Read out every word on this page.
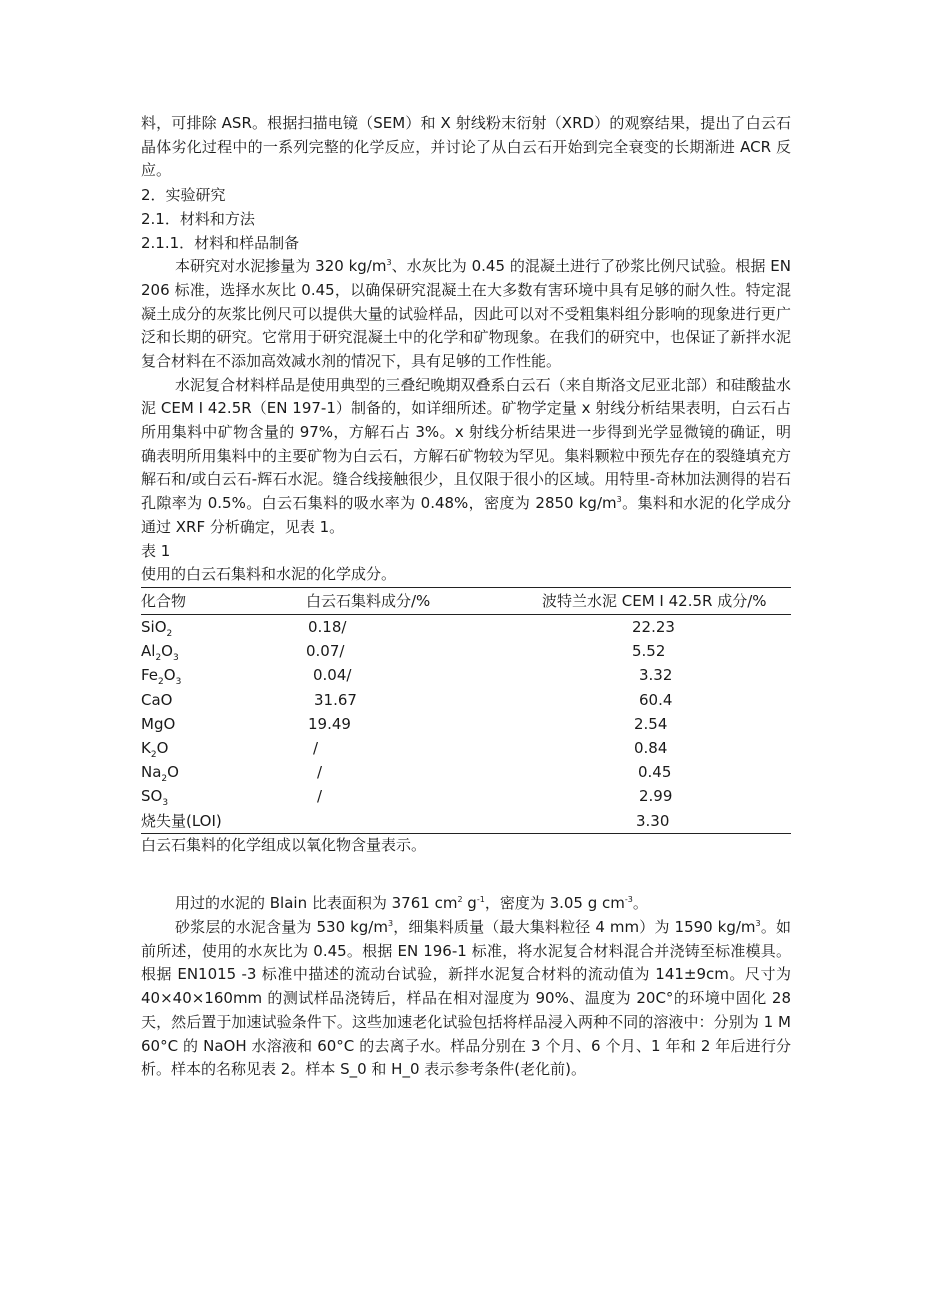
料，可排除 ASR。根据扫描电镜（SEM）和 X 射线粉末衍射（XRD）的观察结果，提出了白云石晶体劣化过程中的一系列完整的化学反应，并讨论了从白云石开始到完全衰变的长期渐进 ACR 反应。

2．实验研究

2.1．材料和方法

2.1.1．材料和样品制备

本研究对水泥掺量为 320 $kg/m^3$、水灰比为 0.45 的混凝土进行了砂浆比例尺试验。根据 EN 206 标准，选择水灰比 0.45，以确保研究混凝土在大多数有害环境中具有足够的耐久性。特定混凝土成分的灰浆比例尺可以提供大量的试验样品，因此可以对不受粗集料组分影响的现象进行更广泛和长期的研究。它常用于研究混凝土中的化学和矿物现象。在我们的研究中，也保证了新拌水泥复合材料在不添加高效减水剂的情况下，具有足够的工作性能。

水泥复合材料样品是使用典型的三叠纪晚期双叠系白云石（来自斯洛文尼亚北部）和硅酸盐水泥 CEM I 42.5R（EN 197-1）制备的，如详细所述。矿物学定量 x 射线分析结果表明，白云石占所用集料中矿物含量的 97%，方解石占 3%。x 射线分析结果进一步得到光学显微镜的确证，明确表明所用集料中的主要矿物为白云石，方解石矿物较为罕见。集料颗粒中预先存在的裂缝填充方解石和/或白云石-辉石水泥。缝合线接触很少，且仅限于很小的区域。用特里-奇林加法测得的岩石孔隙率为 0.5%。白云石集料的吸水率为 0.48%，密度为 2850 $kg/m^3$。集料和水泥的化学成分通过 XRF 分析确定，见表 1。

表 1

使用的白云石集料和水泥的化学成分。

化合物	白云石集料成分/%	波特兰水泥 CEM I 42.5R 成分/%
SiO$_2$	0.18/	22.23
$Al_2O_3$	0.07/	5.52
$Fe_2O_3$	0.04/	3.32
CaO	31.67	60.4
MgO	19.49	2.54
$K_2O$	/	0.84
$Na_2O$	/	0.45
$SO_3$	/	2.99
烧失量(LOI)		3.30

白云石集料的化学组成以氧化物含量表示。

用过的水泥的 Blain 比表面积为 3761 $cm^2$ $g^{-1}$，密度为 3.05 g $cm^{-3}$。

砂浆层的水泥含量为 530 $kg/m^3$，细集料质量（最大集料粒径 4 mm）为 1590 $kg/m^3$。如前所述，使用的水灰比为 0.45。根据 EN 196-1 标准，将水泥复合材料混合并浇铸至标准模具。根据 EN1015 -3 标准中描述的流动台试验，新拌水泥复合材料的流动值为 141±9cm。尺寸为 40×40×160mm 的测试样品浇铸后，样品在相对湿度为 90%、温度为 20C°的环境中固化 28 天，然后置于加速试验条件下。这些加速老化试验包括将样品浸入两种不同的溶液中：分别为 1 M 60°C 的 NaOH 水溶液和 60°C 的去离子水。样品分别在 3 个月、6 个月、1 年和 2 年后进行分析。样本的名称见表 2。样本 S_0 和 H_0 表示参考条件(老化前)。
